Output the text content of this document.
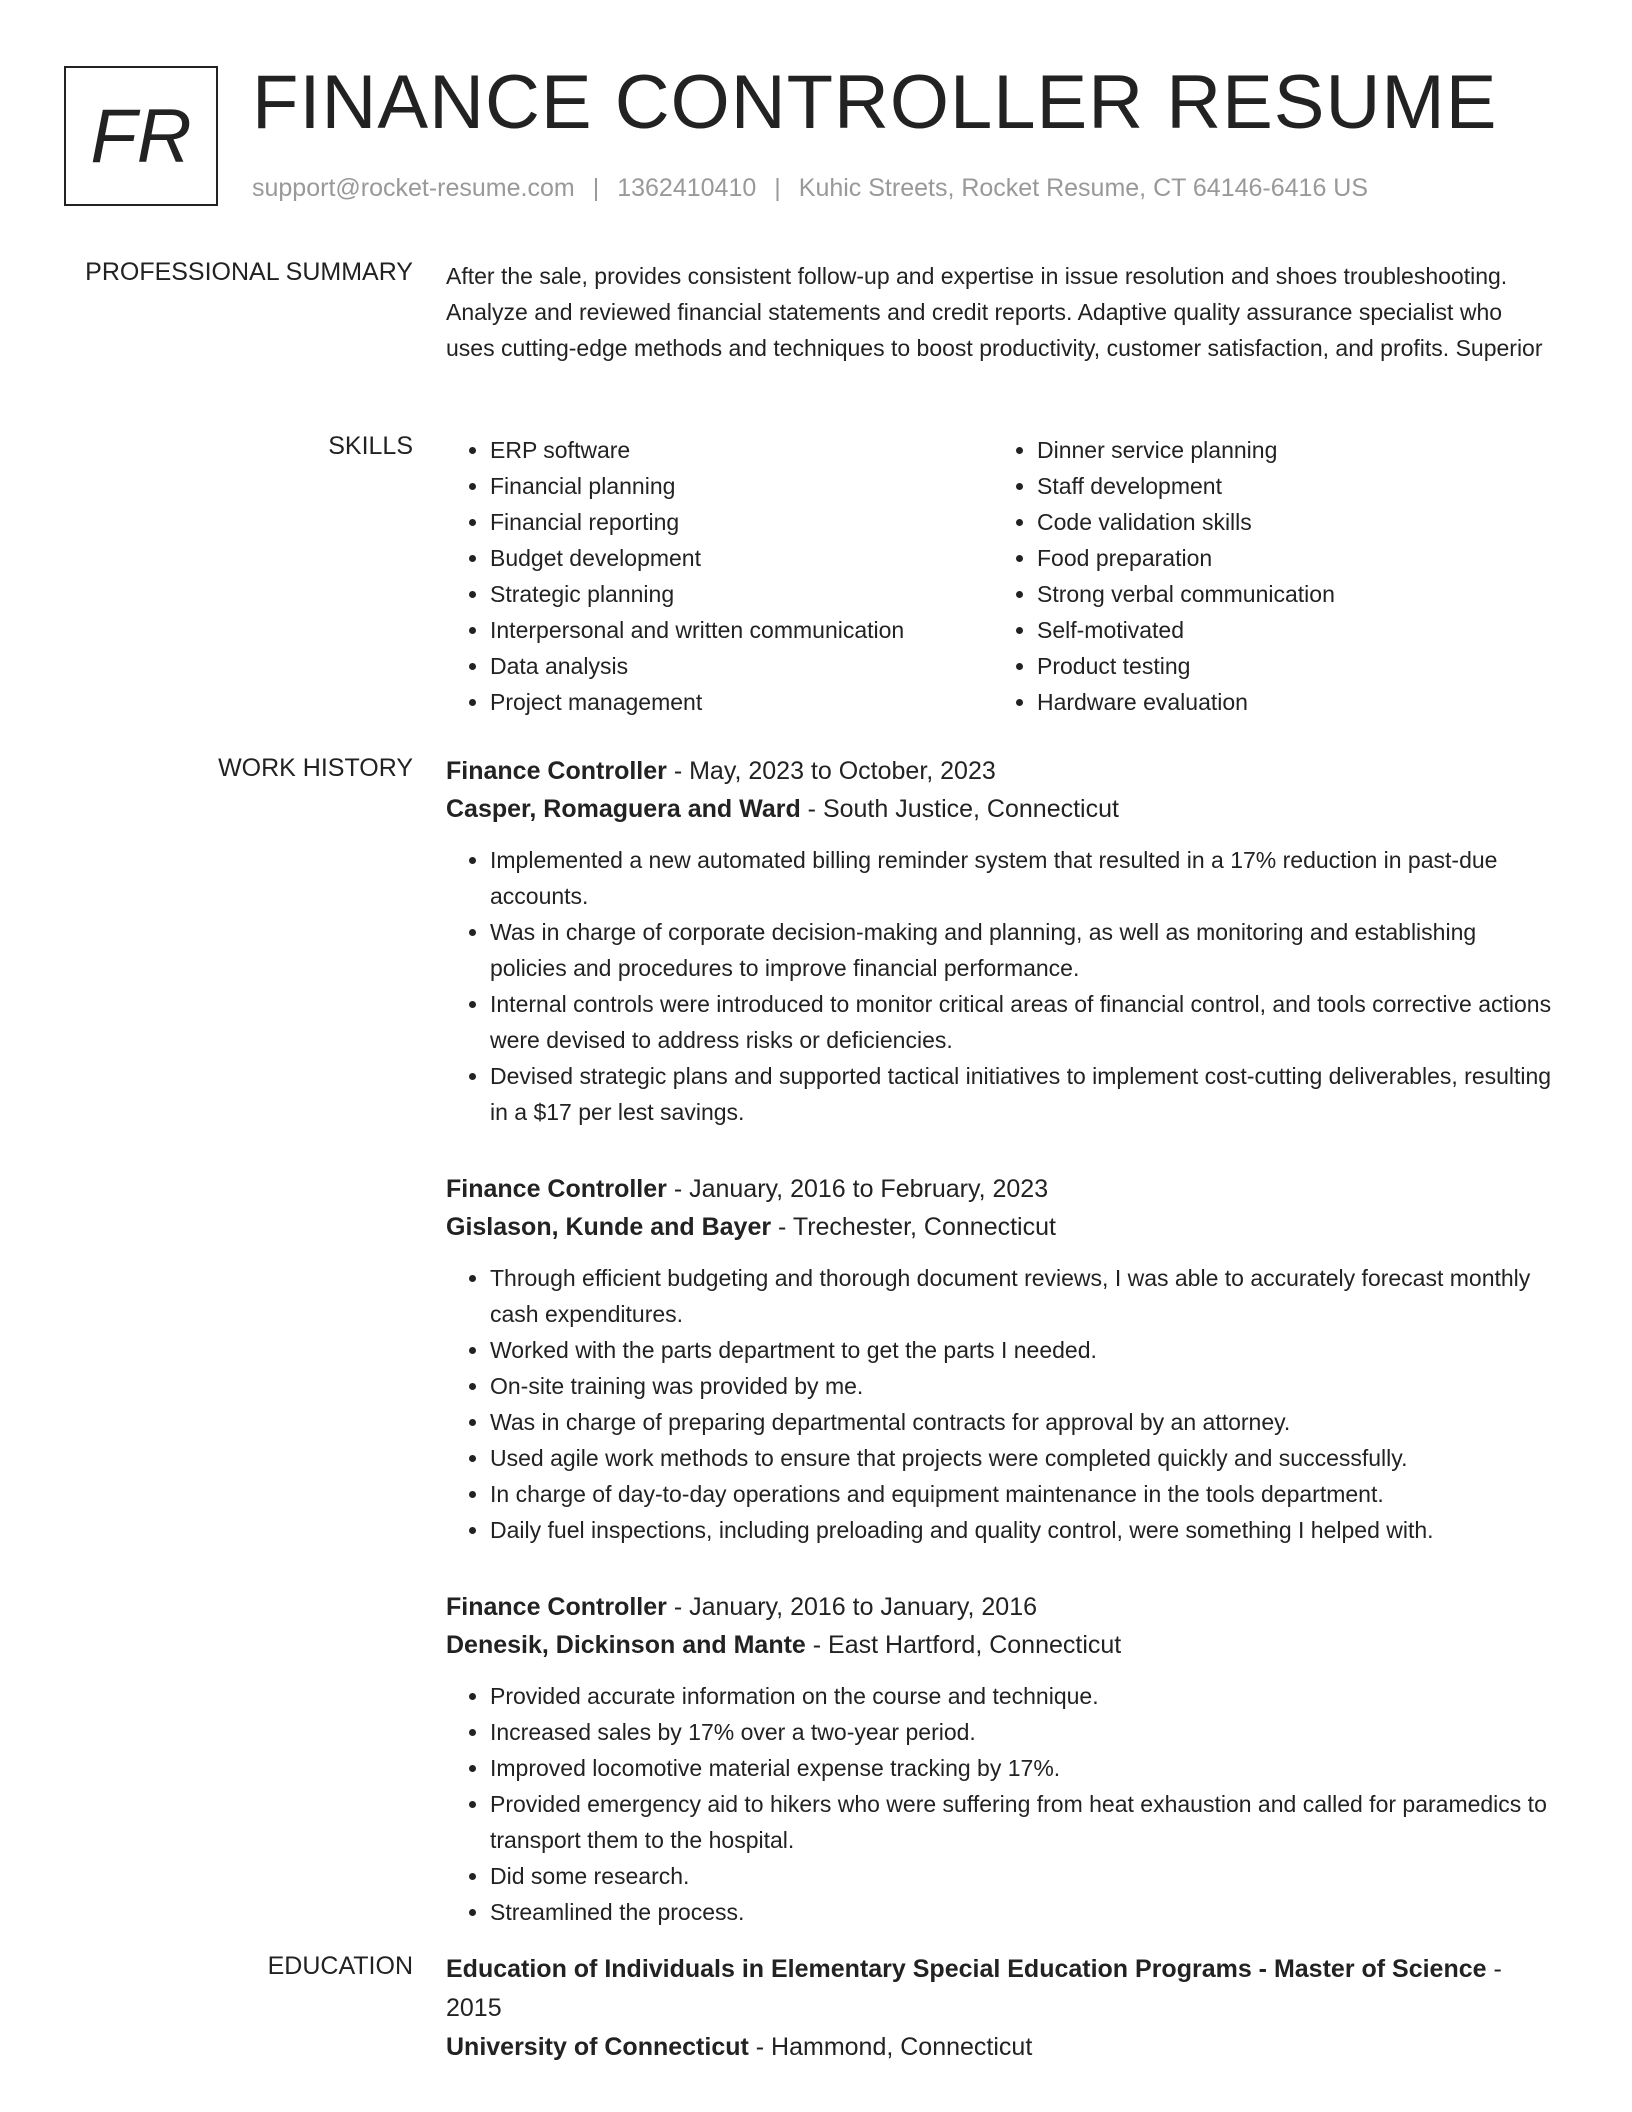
FR FINANCE CONTROLLER RESUME
support@rocket-resume.com | 1362410410 | Kuhic Streets, Rocket Resume, CT 64146-6416 US
PROFESSIONAL SUMMARY After the sale, provides consistent follow-up and expertise in issue resolution and shoes troubleshooting. Analyze and reviewed financial statements and credit reports. Adaptive quality assurance specialist who uses cutting-edge methods and techniques to boost productivity, customer satisfaction, and profits. Superior

SKILLS
•	ERP software
• Financial planning
• Financial reporting
• Budget development
• Strategic planning
• Interpersonal and written communication
• Data analysis
• Project management
• Dinner service planning
• Staff development
• Code validation skills
• Food preparation
• Strong verbal communication
• Self-motivated
• Product testing
• Hardware evaluation
WORK HISTORY Finance Controller - May, 2023 to October, 2023
Casper, Romaguera and Ward - South Justice, Connecticut
• Implemented a new automated billing reminder system that resulted in a 17% reduction in past-due accounts.
• Was in charge of corporate decision-making and planning, as well as monitoring and establishing policies and procedures to improve financial performance.
• Internal controls were introduced to monitor critical areas of financial control, and tools corrective actions were devised to address risks or deficiencies.
• Devised strategic plans and supported tactical initiatives to implement cost-cutting deliverables, resulting in a $17 per lest savings.
Finance Controller - January, 2016 to February, 2023
Gislason, Kunde and Bayer - Trechester, Connecticut
• Through efficient budgeting and thorough document reviews, I was able to accurately forecast monthly cash expenditures.
• Worked with the parts department to get the parts I needed.
• On-site training was provided by me.
• Was in charge of preparing departmental contracts for approval by an attorney.
• Used agile work methods to ensure that projects were completed quickly and successfully.
• In charge of day-to-day operations and equipment maintenance in the tools department.
• Daily fuel inspections, including preloading and quality control, were something I helped with.
Finance Controller - January, 2016 to January, 2016
Denesik, Dickinson and Mante - East Hartford, Connecticut
• Provided accurate information on the course and technique.
• Increased sales by 17% over a two-year period.
• Improved locomotive material expense tracking by 17%.
• Provided emergency aid to hikers who were suffering from heat exhaustion and called for paramedics to transport them to the hospital.
• Did some research.
• Streamlined the process.
EDUCATION Education of Individuals in Elementary Special Education Programs - Master of Science - 2015
University of Connecticut - Hammond, Connecticut
